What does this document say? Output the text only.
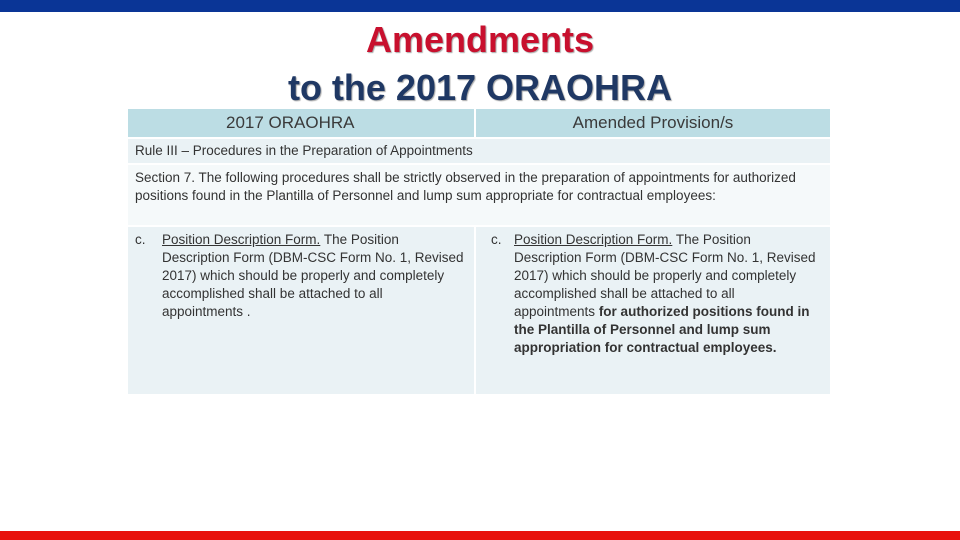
Amendments
to the 2017 ORAOHRA
2017 ORAOHRA	Amended Provision/s
Rule III – Procedures in the Preparation of Appointments
Section 7. The following procedures shall be strictly observed in the preparation of appointments for authorized positions found in the Plantilla of Personnel and lump sum appropriate for contractual employees:
c.	Position Description Form. The Position Description Form (DBM-CSC Form No. 1, Revised 2017) which should be properly and completely accomplished shall be attached to all appointments .
c. Position Description Form. The Position Description Form (DBM-CSC Form No. 1, Revised 2017) which should be properly and completely accomplished shall be attached to all appointments for authorized positions found in the Plantilla of Personnel and lump sum appropriation for contractual employees.
